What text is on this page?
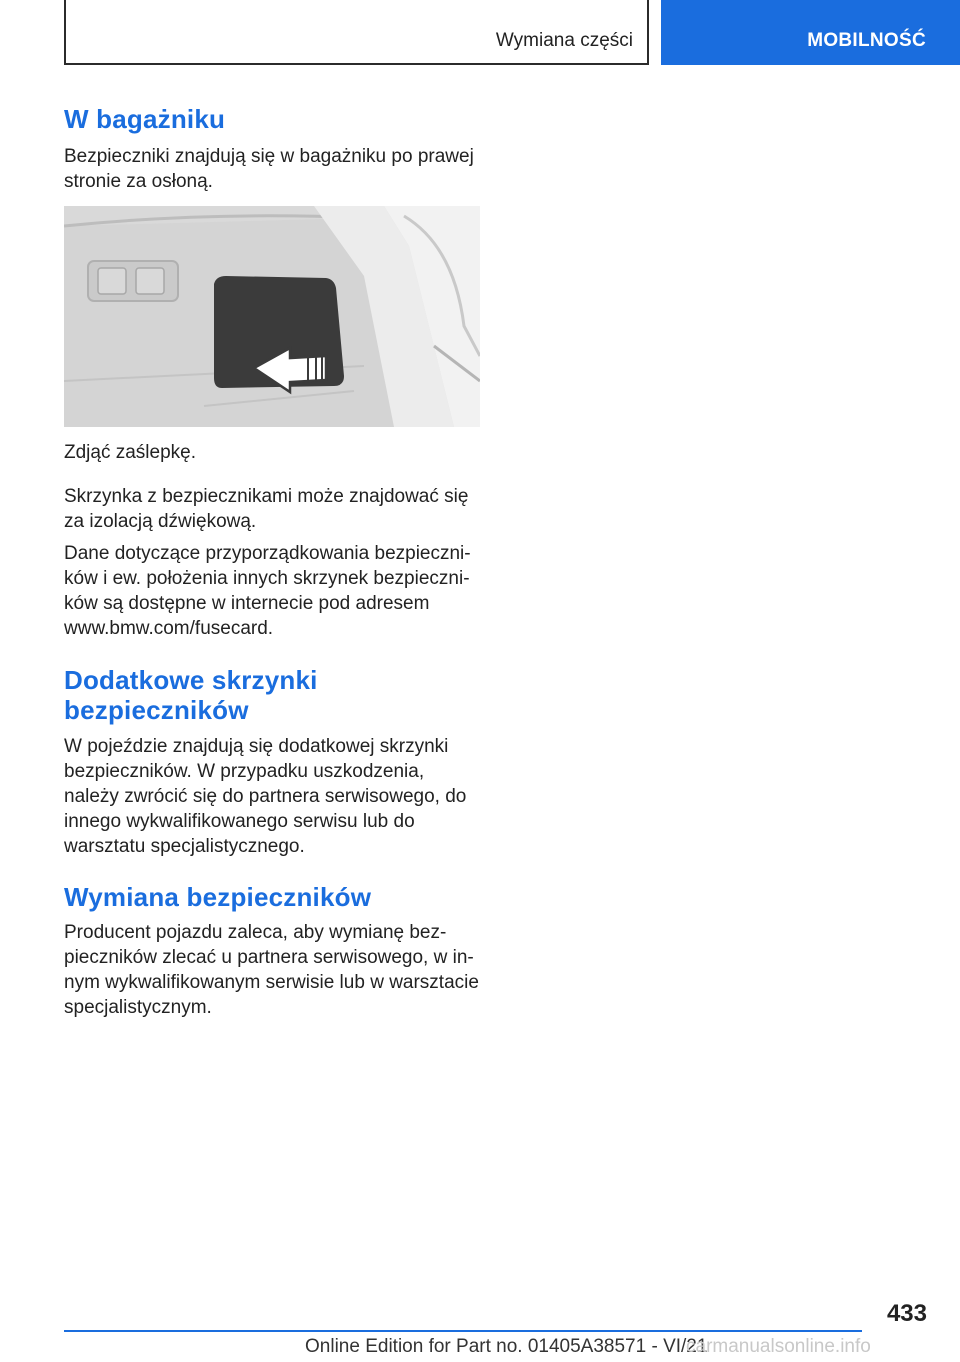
Wymiana części	MOBILNOŚĆ
W bagażniku

Bezpieczniki znajdują się w bagażniku po prawej stronie za osłoną.

Zdjąć zaślepkę.

Skrzynka z bezpiecznikami może znajdować się za izolacją dźwiękową.

Dane dotyczące przyporządkowania bezpieczników i ew. położenia innych skrzynek bezpieczników są dostępne w internecie pod adresem www.bmw.com/fusecard.

Dodatkowe skrzynki bezpieczników

W pojeździe znajdują się dodatkowej skrzynki bezpieczników. W przypadku uszkodzenia, należy zwrócić się do partnera serwisowego, do innego wykwalifikowanego serwisu lub do warsztatu specjalistycznego.

Wymiana bezpieczników

Producent pojazdu zaleca, aby wymianę bezpieczników zlecać u partnera serwisowego, w innym wykwalifikowanym serwisie lub w warsztacie specjalistycznym.

433
Online Edition for Part no. 01405A38571 - VI/21
carmanualsonline.info
